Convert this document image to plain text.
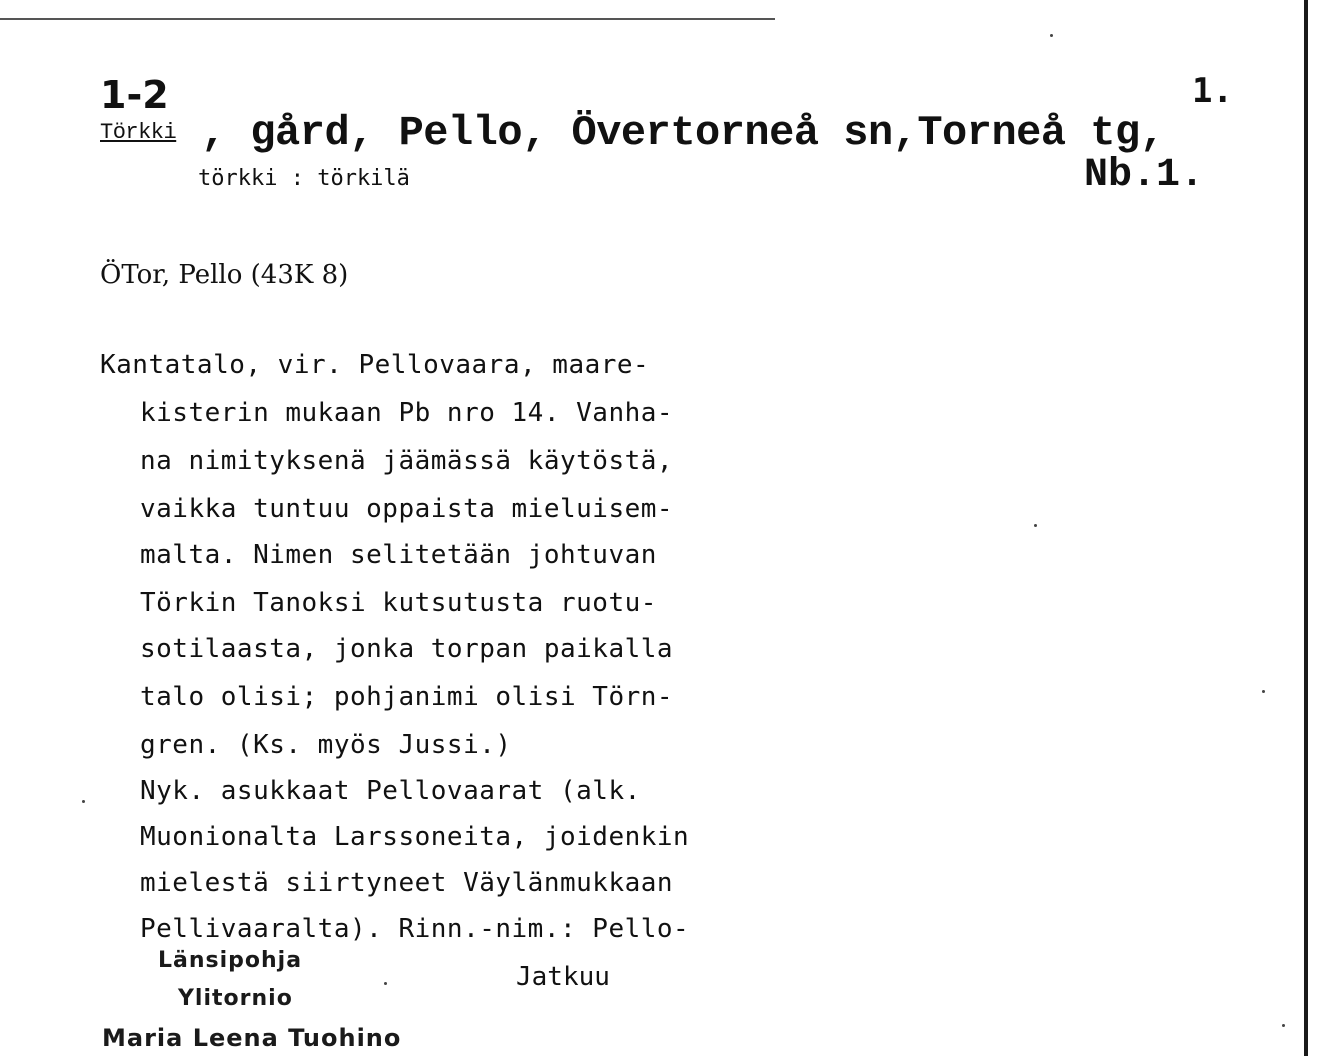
1-2	1.
Törkki , gård, Pello, Övertorneå sn,Torneå tg,
Nb.1.
törkki : törkilä
ÖTor, Pello (43K 8)
Kantatalo, vir. Pellovaara, maare-
kisterin mukaan Pb nro 14. Vanha-
na nimityksenä jäämässä käytöstä,
vaikka tuntuu oppaista mieluisem-
malta. Nimen selitetään johtuvan
Törkin Tanoksi kutsutusta ruotu-
sotilaasta, jonka torpan paikalla
talo olisi; pohjanimi olisi Törn-
gren. (Ks. myös Jussi.)
Nyk. asukkaat Pellovaarat (alk.
Muonionalta Larssoneita, joidenkin
mielestä siirtyneet Väylänmukkaan
Pellivaaralta). Rinn.-nim.: Pello-
Jatkuu
Länsipohja
Ylitornio
Maria Leena Tuohino
